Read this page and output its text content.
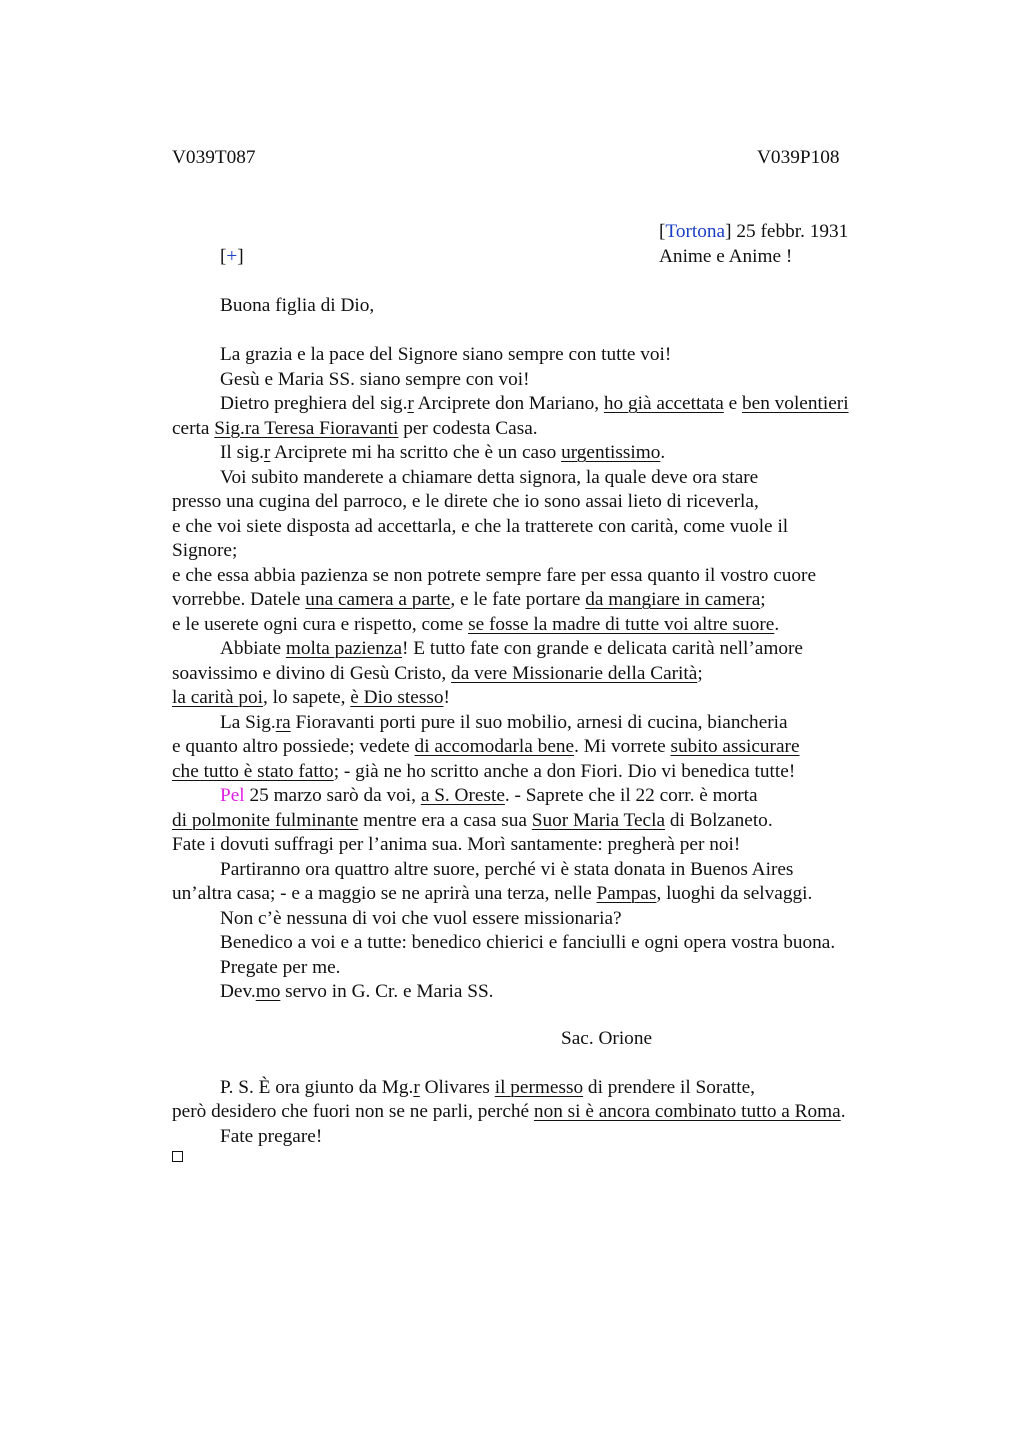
V039T087	V039P108
[Tortona] 25 febbr. 1931
Anime e Anime !
[+]
Buona figlia di Dio,
La grazia e la pace del Signore siano sempre con tutte voi!
Gesù e Maria SS. siano sempre con voi!
Dietro preghiera del sig.r Arciprete don Mariano, ho già accettata e ben volentieri
certa Sig.ra Teresa Fioravanti per codesta Casa.
Il sig.r Arciprete mi ha scritto che è un caso urgentissimo.
Voi subito manderete a chiamare detta signora, la quale deve ora stare
presso una cugina del parroco, e le direte che io sono assai lieto di riceverla,
e che voi siete disposta ad accettarla, e che la tratterete con carità, come vuole il
Signore;
e che essa abbia pazienza se non potrete sempre fare per essa quanto il vostro cuore
vorrebbe. Datele una camera a parte, e le fate portare da mangiare in camera;
e le userete ogni cura e rispetto, come se fosse la madre di tutte voi altre suore.
Abbiate molta pazienza! E tutto fate con grande e delicata carità nell’amore
soavissimo e divino di Gesù Cristo, da vere Missionarie della Carità;
la carità poi, lo sapete, è Dio stesso!
La Sig.ra Fioravanti porti pure il suo mobilio, arnesi di cucina, biancheria
e quanto altro possiede; vedete di accomodarla bene. Mi vorrete subito assicurare
che tutto è stato fatto; - già ne ho scritto anche a don Fiori. Dio vi benedica tutte!
Pel 25 marzo sarò da voi, a S. Oreste. - Saprete che il 22 corr. è morta
di polmonite fulminante mentre era a casa sua Suor Maria Tecla di Bolzaneto.
Fate i dovuti suffragi per l’anima sua. Morì santamente: pregherà per noi!
Partiranno ora quattro altre suore, perché vi è stata donata in Buenos Aires
un’altra casa; - e a maggio se ne aprirà una terza, nelle Pampas, luoghi da selvaggi.
Non c’è nessuna di voi che vuol essere missionaria?
Benedico a voi e a tutte: benedico chierici e fanciulli e ogni opera vostra buona.
Pregate per me.
Dev.mo servo in G. Cr. e Maria SS.
Sac. Orione
P. S. È ora giunto da Mg.r Olivares il permesso di prendere il Soratte,
però desidero che fuori non se ne parli, perché non si è ancora combinato tutto a Roma.
Fate pregare!
